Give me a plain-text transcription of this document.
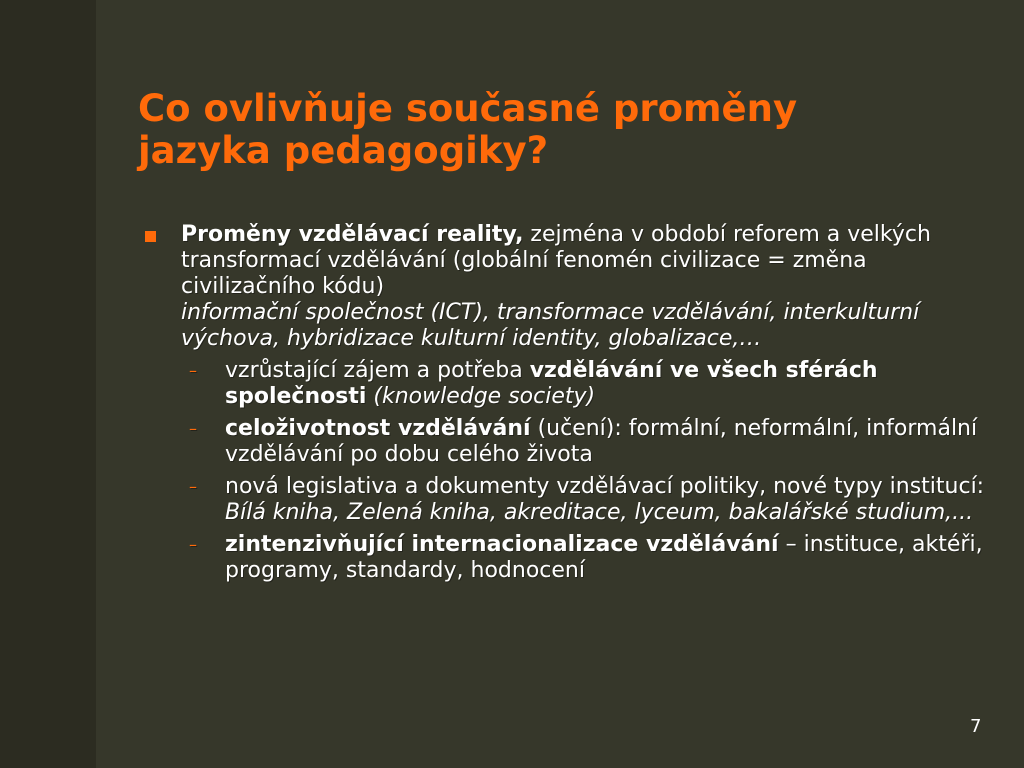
Co ovlivňuje současné proměny
jazyka pedagogiky?
Proměny vzdělávací reality, zejména v období reforem a velkých transformací vzdělávání (globální fenomén civilizace = změna civilizačního kódu)
informační společnost (ICT), transformace vzdělávání, interkulturní výchova, hybridizace kulturní identity, globalizace,…
– vzrůstající zájem a potřeba vzdělávání ve všech sférách společnosti (knowledge society)
– celoživotnost vzdělávání (učení): formální, neformální, informální vzdělávání po dobu celého života
– nová legislativa a dokumenty vzdělávací politiky, nové typy institucí: Bílá kniha, Zelená kniha, akreditace, lyceum, bakalářské studium,...
– zintenzivňující internacionalizace vzdělávání – instituce, aktéři, programy, standardy, hodnocení
7
